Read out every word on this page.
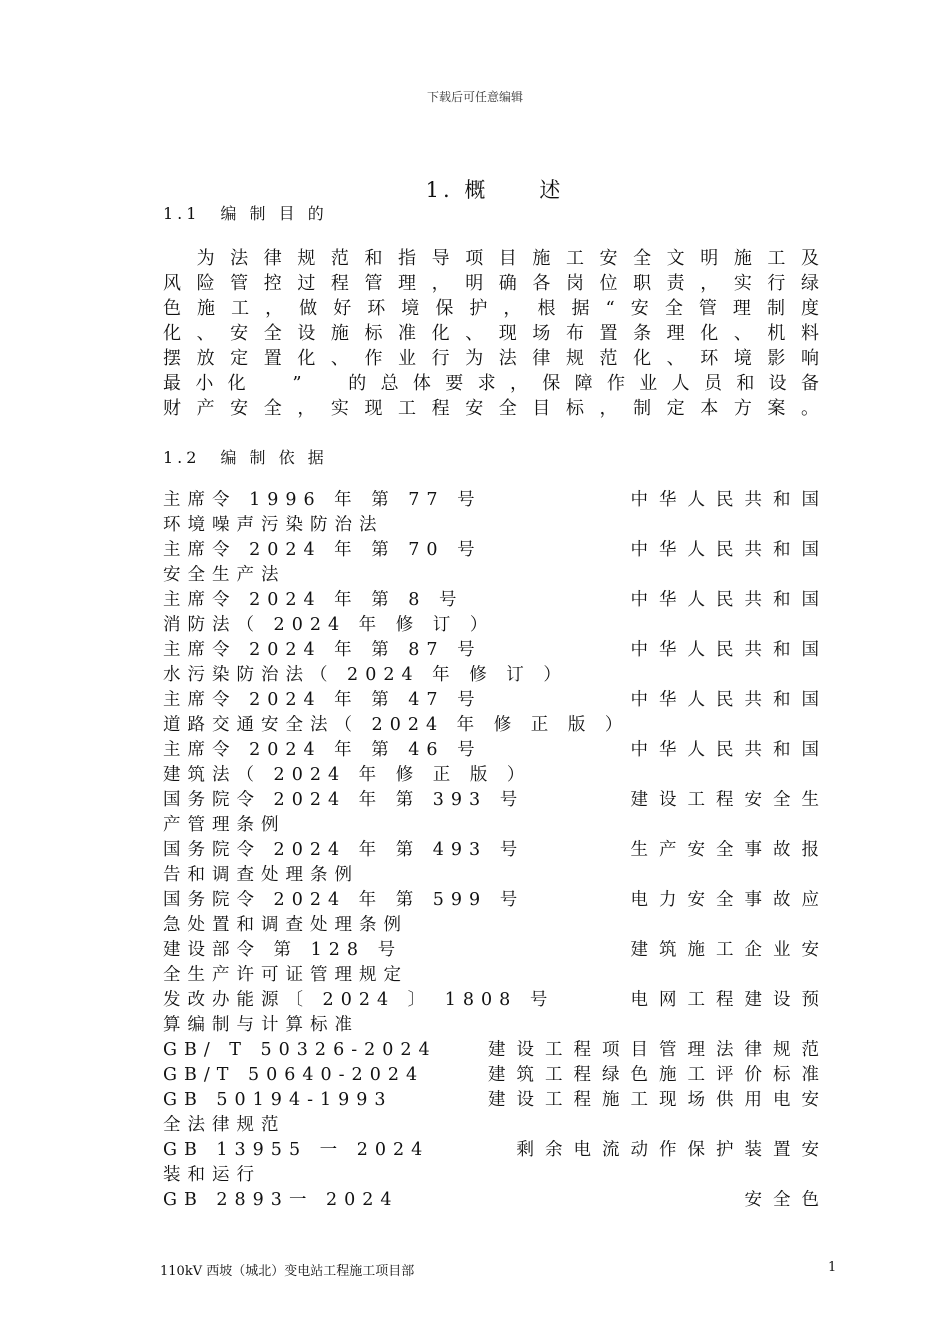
下载后可任意编辑
1. 概　　述
1.1　编 制 目 的
　为法律规范和指导项目施工安全文明施工及
风险管控过程管理，明确各岗位职责，实行绿
色施工，做好环境保护，根据“安全管理制度
化、安全设施标准化、现场布置条理化、机料
摆放定置化、作业行为法律规范化、环境影响
最小化　”　的总体要求，保障作业人员和设备
财产安全，实现工程安全目标，制定本方案。
1.2　编 制 依 据
主席令 1996 年 第 77 号	中华人民共和国
环境噪声污染防治法
主席令 2024 年 第 70 号	中华人民共和国
安全生产法
主席令 2024 年 第 8 号	中华人民共和国
消防法（ 2024 年 修 订 ）
主席令 2024 年 第 87 号	中华人民共和国
水污染防治法（ 2024 年 修 订 ）
主席令 2024 年 第 47 号	中华人民共和国
道路交通安全法（ 2024 年 修 正 版 ）
主席令 2024 年 第 46 号	中华人民共和国
建筑法（ 2024 年 修 正 版 ）
国务院令 2024 年 第 393 号	建设工程安全生
产管理条例
国务院令 2024 年 第 493 号	生产安全事故报
告和调查处理条例
国务院令 2024 年 第 599 号	电力安全事故应
急处置和调查处理条例
建设部令 第 128 号	建筑施工企业安
全生产许可证管理规定
发改办能源〔 2024 〕 1808 号	电网工程建设预
算编制与计算标准
GB/ T 50326-2024	建设工程项目管理法律规范
GB/T 50640-2024	建筑工程绿色施工评价标准
GB 50194-1993	建设工程施工现场供用电安
全法律规范
GB 13955 一 2024	剩余电流动作保护装置安
装和运行
GB 2893一 2024	安全色
110kV 西坡（城北）变电站工程施工项目部	1
